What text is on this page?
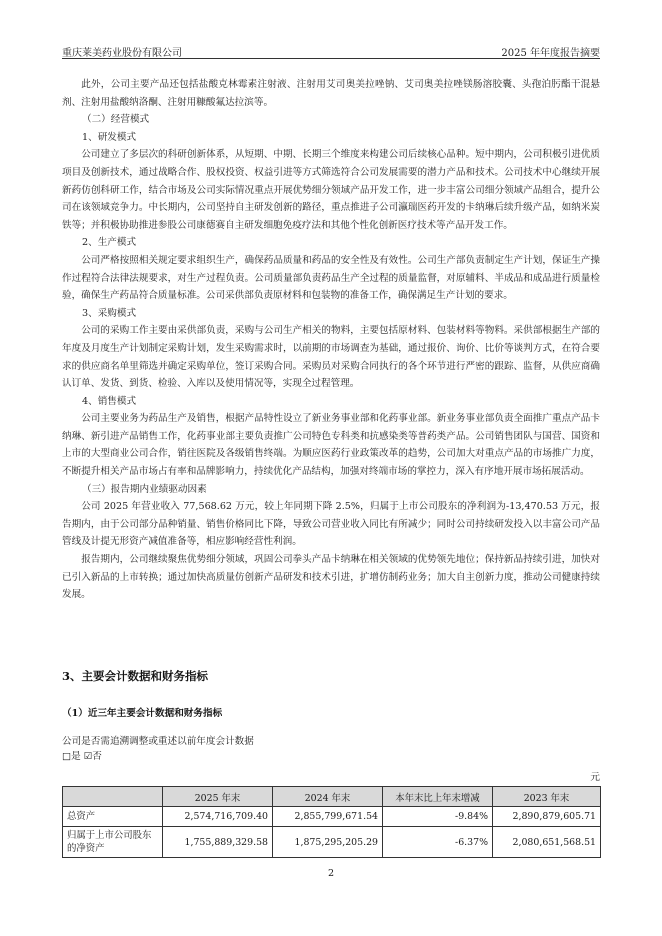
重庆莱美药业股份有限公司	2025 年年度报告摘要

此外，公司主要产品还包括盐酸克林霉素注射液、注射用艾司奥美拉唑钠、艾司奥美拉唑镁肠溶胶囊、头孢泊肟酯干混悬剂、注射用盐酸纳洛酮、注射用糠酸氟达拉滨等。

（二）经营模式

1、研发模式

公司建立了多层次的科研创新体系，从短期、中期、长期三个维度来构建公司后续核心品种。短中期内，公司积极引进优质项目及创新技术，通过战略合作、股权投资、权益引进等方式筛选符合公司发展需要的潜力产品和技术。公司技术中心继续开展新药仿创科研工作，结合市场及公司实际情况重点开展优势细分领域产品开发工作，进一步丰富公司细分领域产品组合，提升公司在该领域竞争力。中长期内，公司坚持自主研发创新的路径，重点推进子公司瀛瑞医药开发的卡纳琳后续升级产品，如纳米炭铁等；并积极协助推进参股公司康德赛自主研发细胞免疫疗法和其他个性化创新医疗技术等产品开发工作。

2、生产模式

公司严格按照相关规定要求组织生产，确保药品质量和药品的安全性及有效性。公司生产部负责制定生产计划，保证生产操作过程符合法律法规要求，对生产过程负责。公司质量部负责药品生产全过程的质量监督，对原辅料、半成品和成品进行质量检验，确保生产药品符合质量标准。公司采供部负责原材料和包装物的准备工作，确保满足生产计划的要求。

3、采购模式

公司的采购工作主要由采供部负责，采购与公司生产相关的物料，主要包括原材料、包装材料等物料。采供部根据生产部的年度及月度生产计划制定采购计划，发生采购需求时，以前期的市场调查为基础，通过报价、询价、比价等谈判方式，在符合要求的供应商名单里筛选并确定采购单位，签订采购合同。采购员对采购合同执行的各个环节进行严密的跟踪、监督，从供应商确认订单、发货、到货、检验、入库以及使用情况等，实现全过程管理。

4、销售模式

公司主要业务为药品生产及销售，根据产品特性设立了新业务事业部和化药事业部。新业务事业部负责全面推广重点产品卡纳琳、新引进产品销售工作，化药事业部主要负责推广公司特色专科类和抗感染类等普药类产品。公司销售团队与国营、国资和上市的大型商业公司合作，销往医院及各级销售终端。为顺应医药行业政策改革的趋势，公司加大对重点产品的市场推广力度，不断提升相关产品市场占有率和品牌影响力，持续优化产品结构，加强对终端市场的掌控力，深入有序地开展市场拓展活动。

（三）报告期内业绩驱动因素

公司 2025 年营业收入 77,568.62 万元，较上年同期下降 2.5%，归属于上市公司股东的净利润为-13,470.53 万元，报告期内，由于公司部分品种销量、销售价格同比下降，导致公司营业收入同比有所减少；同时公司持续研发投入以丰富公司产品管线及计提无形资产减值准备等，相应影响经营性利润。

报告期内，公司继续聚焦优势细分领域，巩固公司拳头产品卡纳琳在相关领域的优势领先地位；保持新品持续引进，加快对已引入新品的上市转换；通过加快高质量仿创新产品研发和技术引进，扩增仿制药业务；加大自主创新力度，推动公司健康持续发展。

3、主要会计数据和财务指标
（1）近三年主要会计数据和财务指标
公司是否需追溯调整或重述以前年度会计数据
□是 ☑否
元
	2025 年末	2024 年末	本年末比上年末增减	2023 年末
总资产	2,574,716,709.40	2,855,799,671.54	-9.84%	2,890,879,605.71
归属于上市公司股东的净资产	1,755,889,329.58	1,875,295,205.29	-6.37%	2,080,651,568.51
2
